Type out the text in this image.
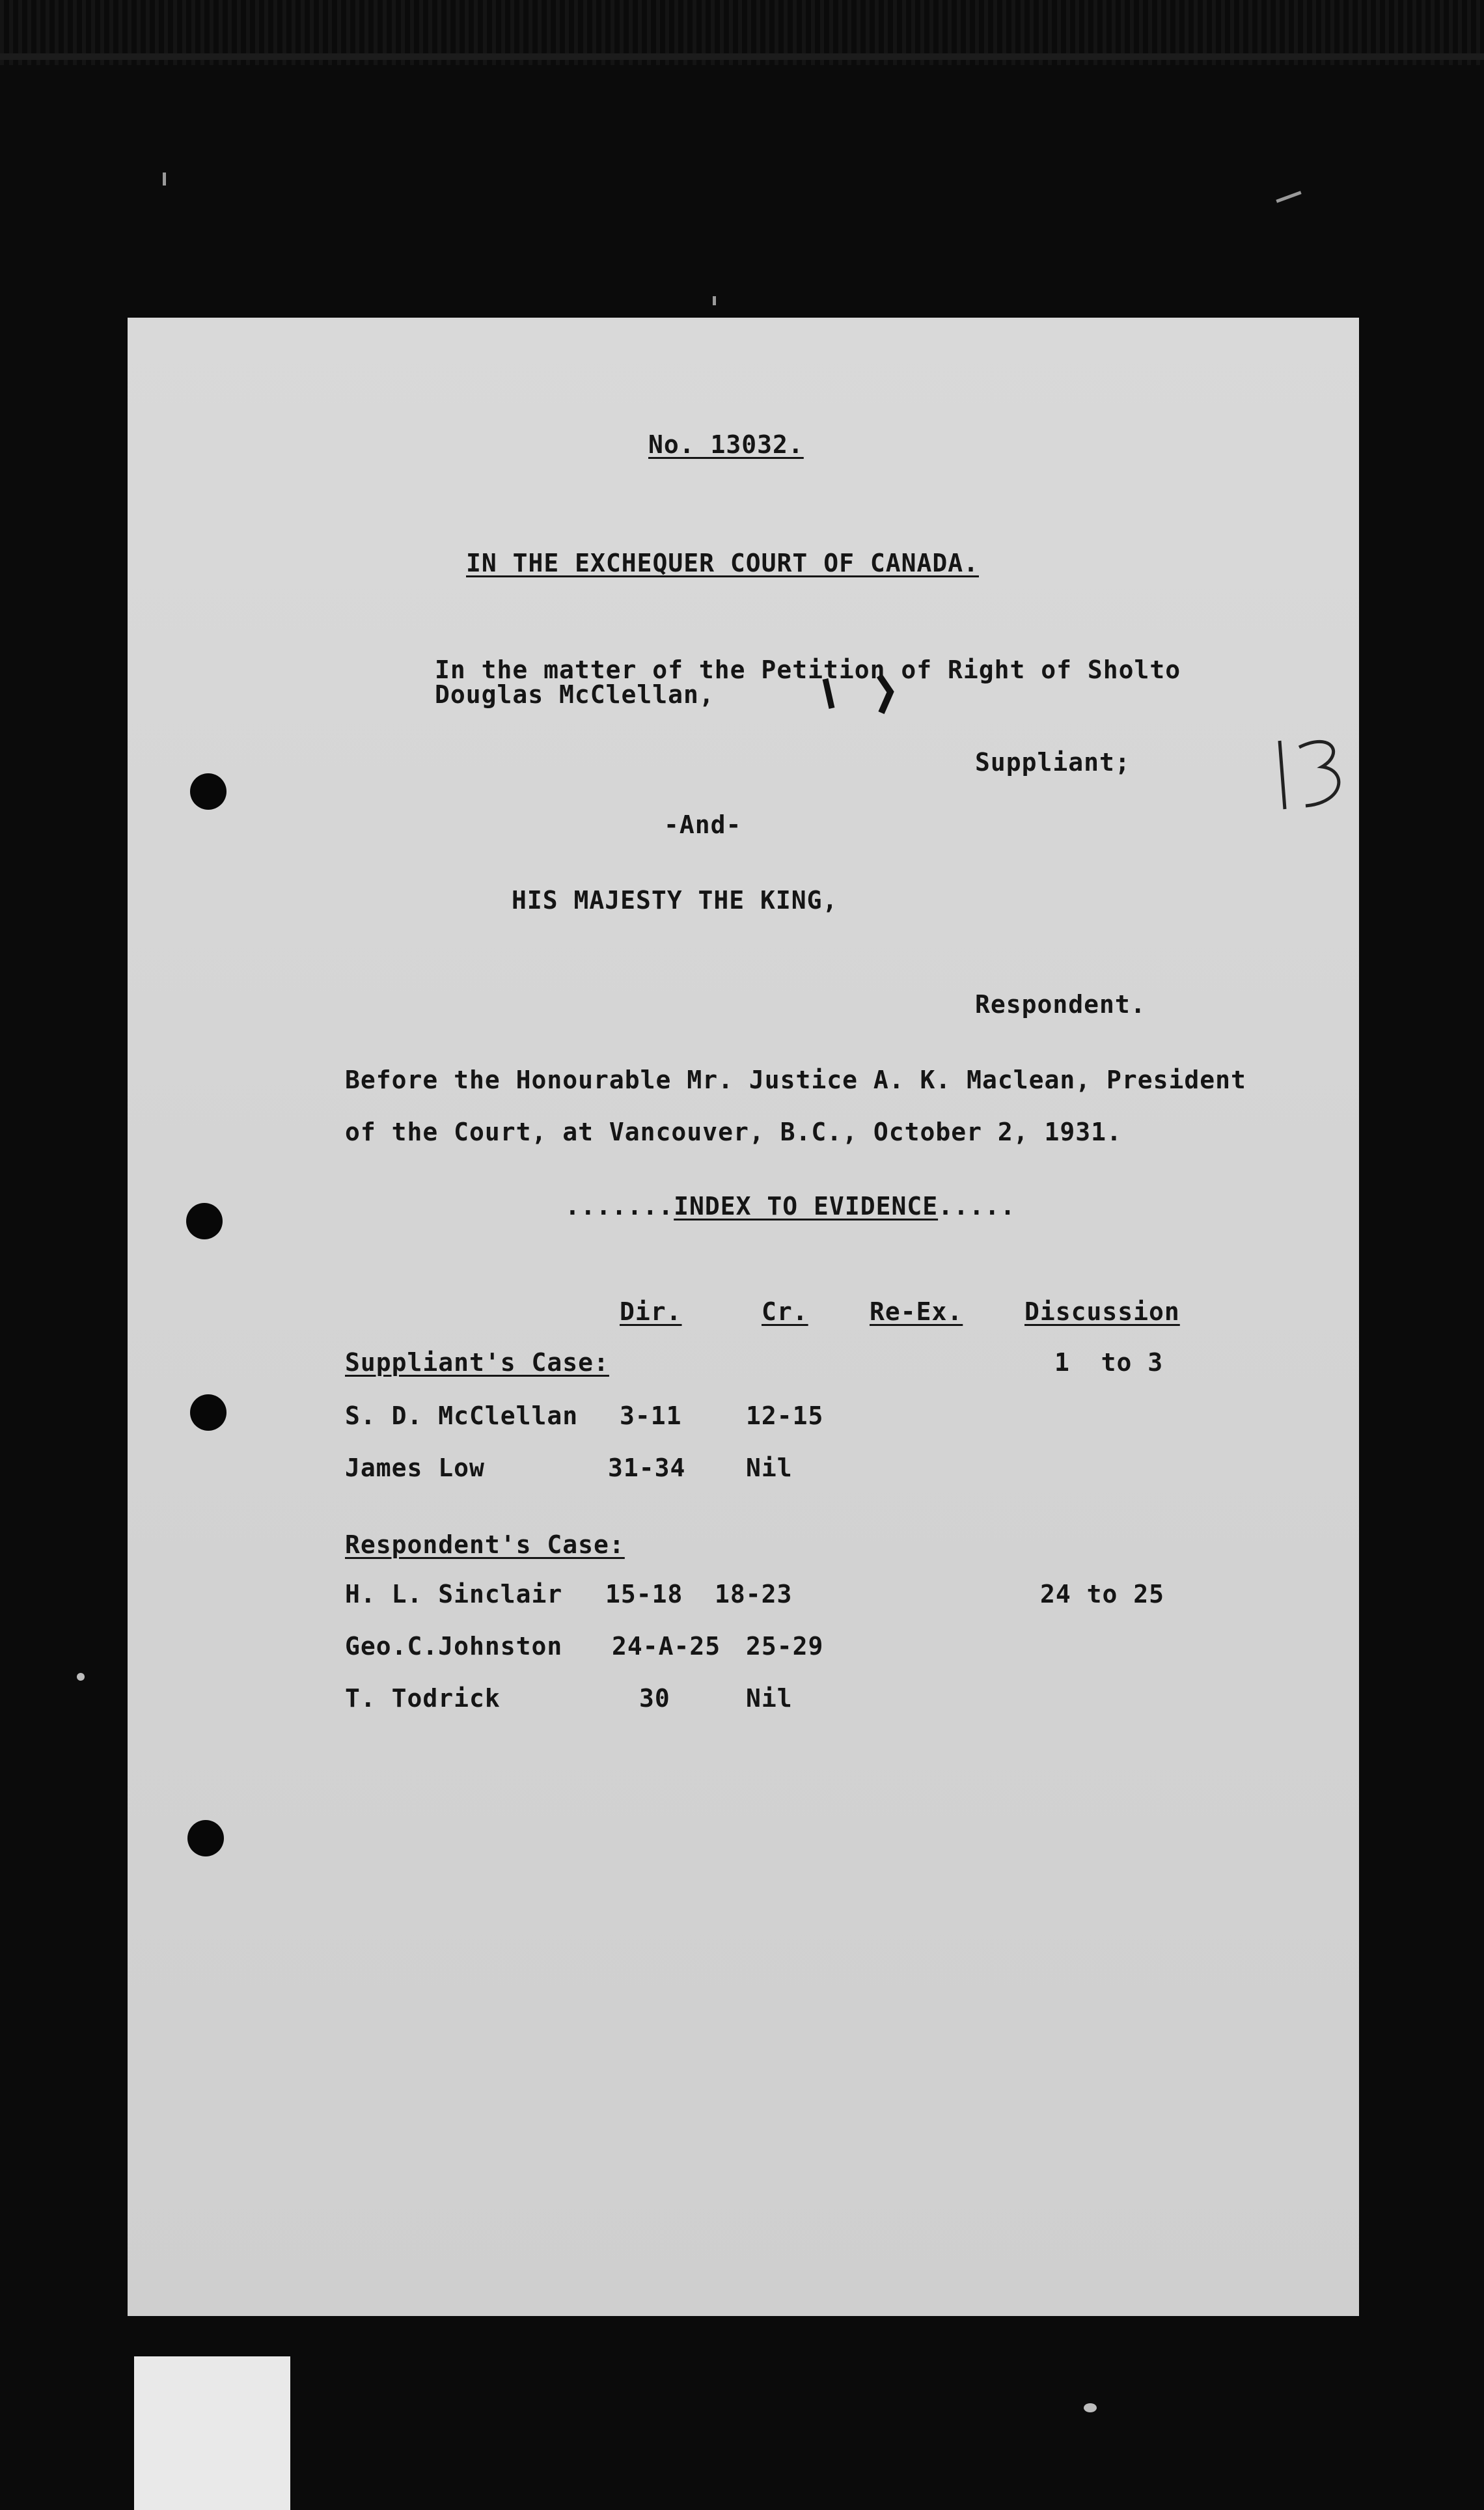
No. 13032.
IN THE EXCHEQUER COURT OF CANADA.
In the matter of the Petition of Right of Sholto
Douglas McClellan,
Suppliant;
-And-
HIS MAJESTY THE KING,
Respondent.
Before the Honourable Mr. Justice A. K. Maclean, President
of the Court, at Vancouver, B.C., October 2, 1931.
.......INDEX TO EVIDENCE.....
Dir.	Cr. Re-Ex. Discussion
Suppliant's Case:	1  to 3
S. D. McClellan 3-11	12-15
James Low	31-34 Nil
Respondent's Case:
H. L. Sinclair 15-18 18-23	24 to 25
Geo.C.Johnston 24-A-25 25-29
T. Todrick	30	Nil
